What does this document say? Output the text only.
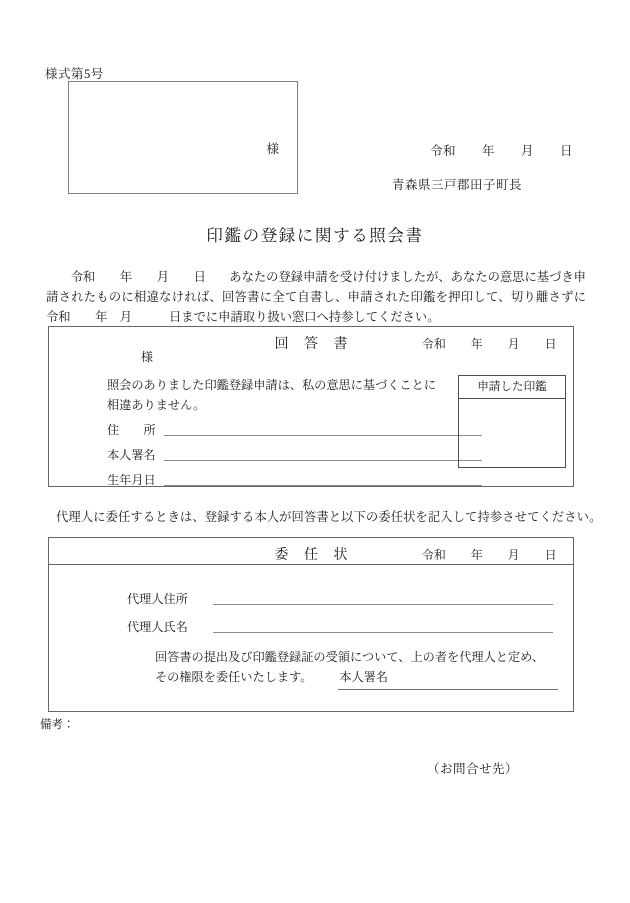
様式第5号
様	令和　　年　　月　　日
青森県三戸郡田子町長
印鑑の登録に関する照会書
令和　　年　　月　　日 あなたの登録申請を受け付けましたが、あなたの意思に基づき申請されたものに相違なければ、回答書に全て自書し、申請された印鑑を押印して、切り離さずに令和　　年　月　　　日までに申請取り扱い窓口へ持参してください。
回 答 書	令和　　年　　月　　日
様
照会のありました印鑑登録申請は、私の意思に基づくことに相違ありません。
住　　所
本人署名
生年月日
申請した印鑑
代理人に委任するときは、登録する本人が回答書と以下の委任状を記入して持参させてください。
委 任 状	令和　　年　　月　　日
代理人住所
代理人氏名
回答書の提出及び印鑑登録証の受領について、上の者を代理人と定め、その権限を委任いたします。 本人署名
備考：
（お問合せ先）
